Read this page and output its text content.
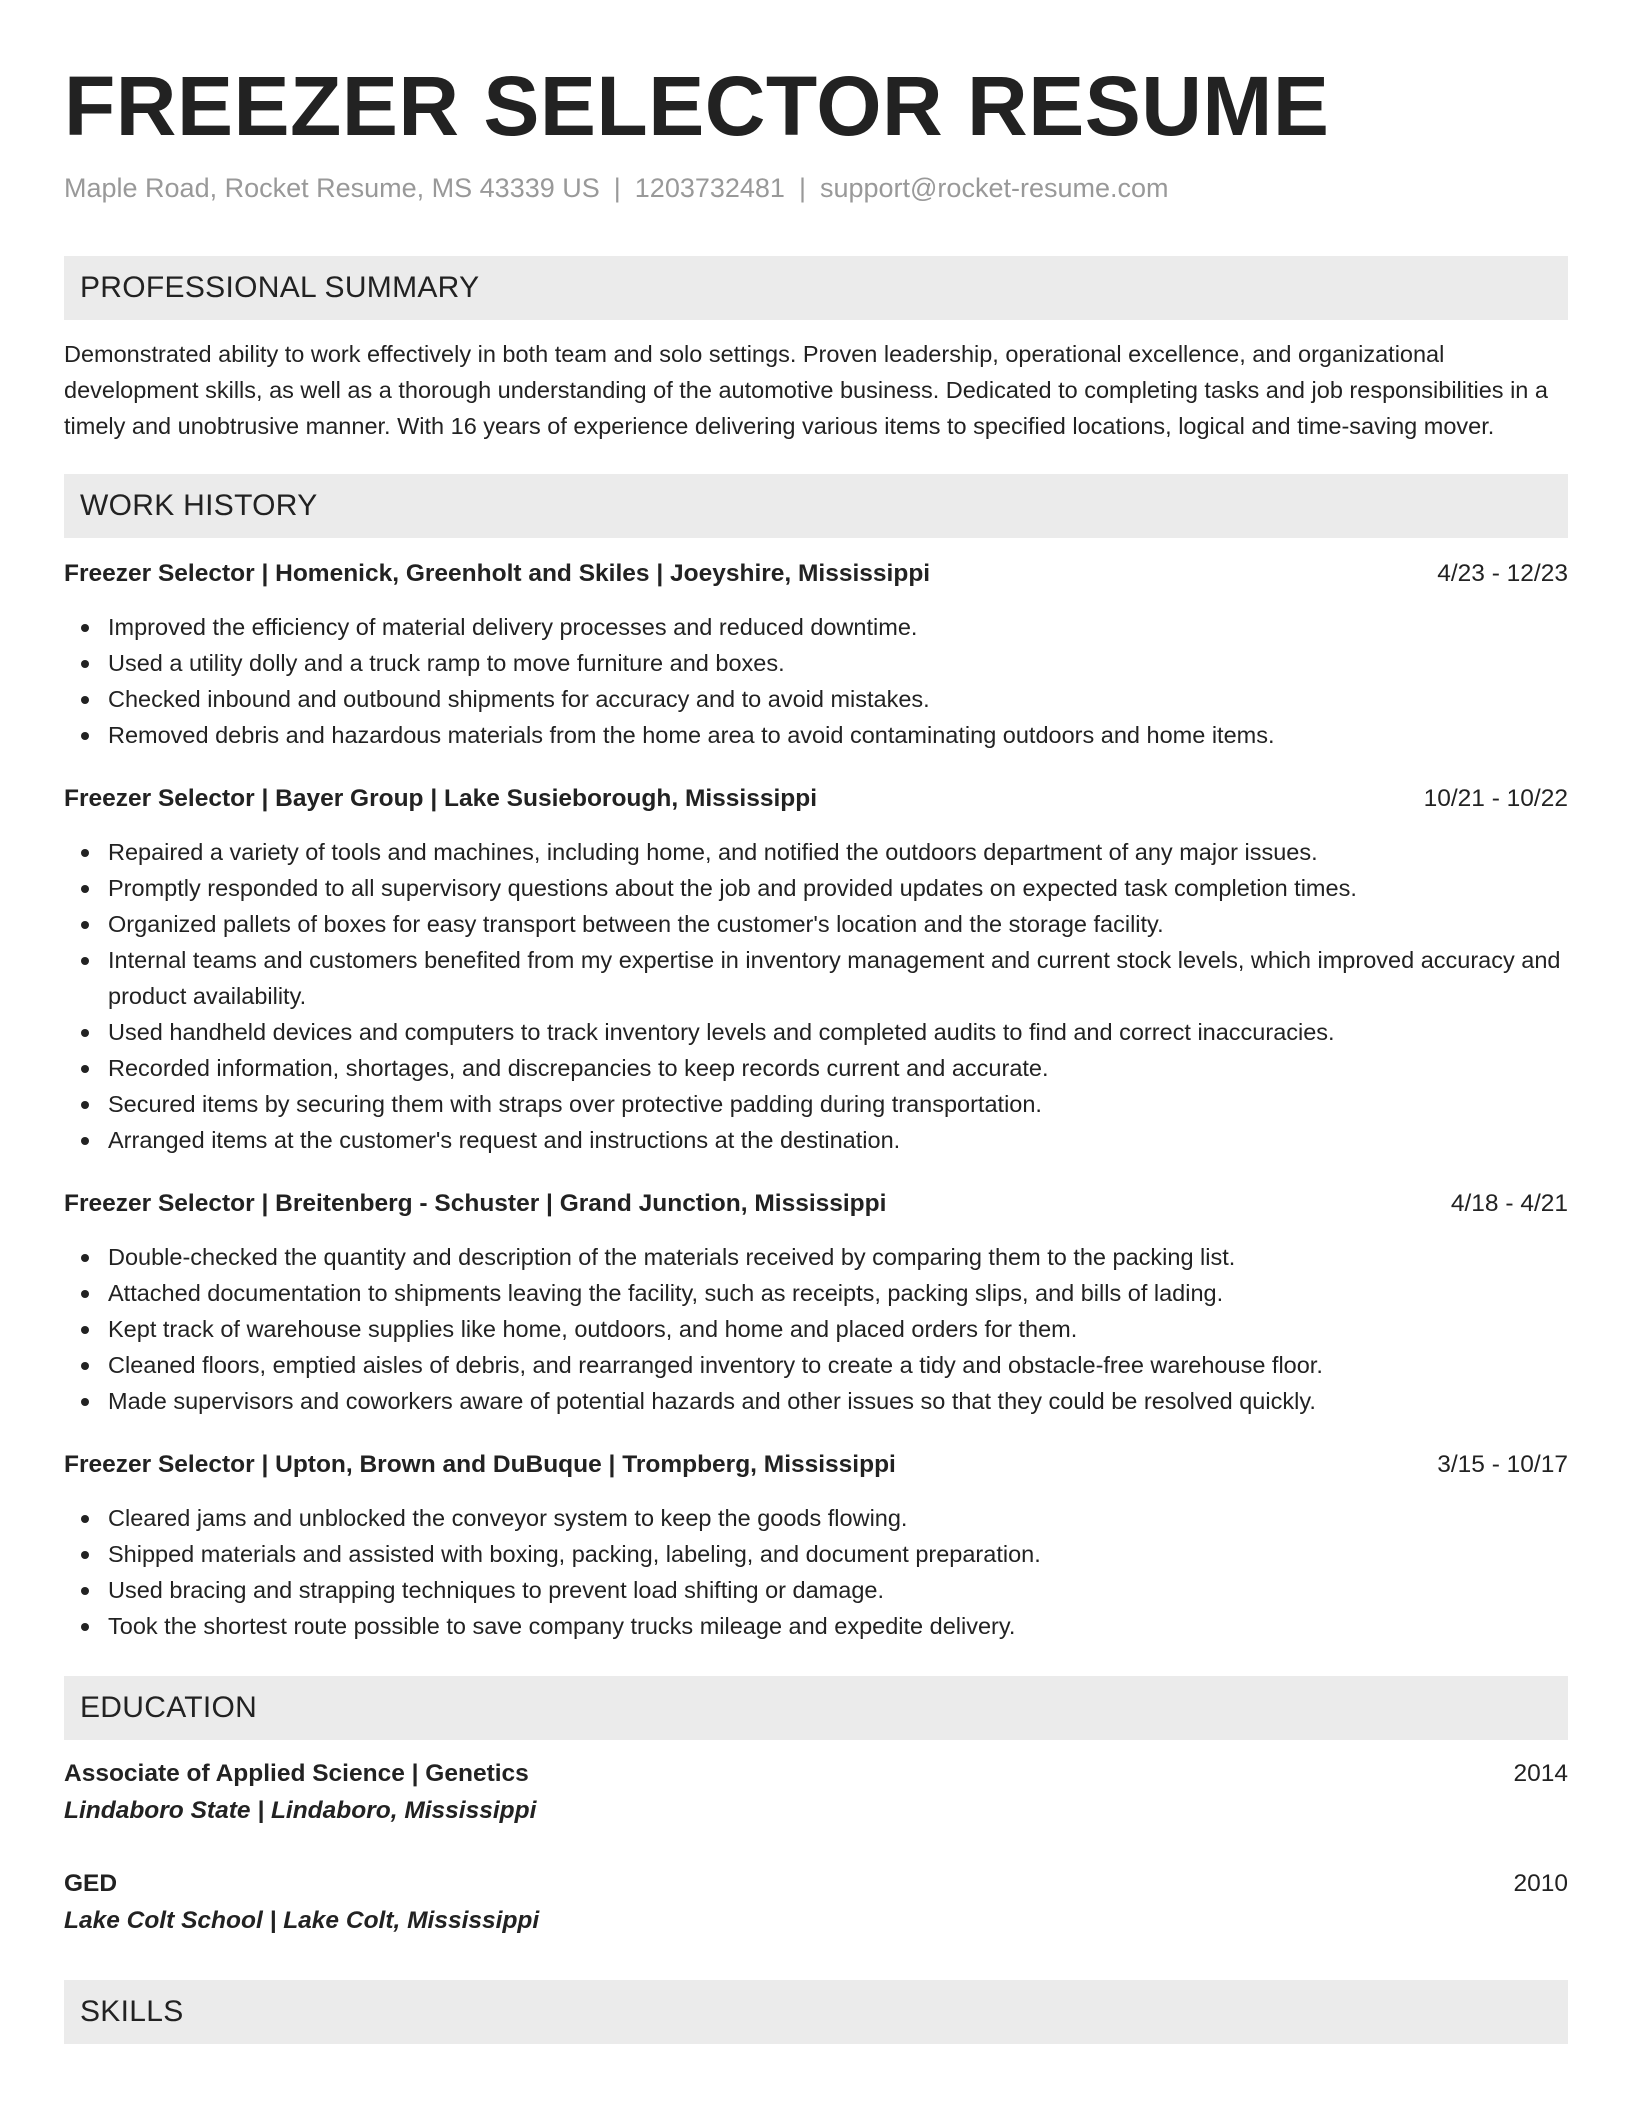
FREEZER SELECTOR RESUME
Maple Road, Rocket Resume, MS 43339 US | 1203732481 | support@rocket-resume.com
PROFESSIONAL SUMMARY

Demonstrated ability to work effectively in both team and solo settings. Proven leadership, operational excellence, and organizational development skills, as well as a thorough understanding of the automotive business. Dedicated to completing tasks and job responsibilities in a timely and unobtrusive manner. With 16 years of experience delivering various items to specified locations, logical and time-saving mover.

WORK HISTORY
Freezer Selector | Homenick, Greenholt and Skiles | Joeyshire, Mississippi	4/23 - 12/23
Improved the efficiency of material delivery processes and reduced downtime.
Used a utility dolly and a truck ramp to move furniture and boxes.
Checked inbound and outbound shipments for accuracy and to avoid mistakes.
Removed debris and hazardous materials from the home area to avoid contaminating outdoors and home items.
Freezer Selector | Bayer Group | Lake Susieborough, Mississippi	10/21 - 10/22
Repaired a variety of tools and machines, including home, and notified the outdoors department of any major issues.
Promptly responded to all supervisory questions about the job and provided updates on expected task completion times.
Organized pallets of boxes for easy transport between the customer's location and the storage facility.
Internal teams and customers benefited from my expertise in inventory management and current stock levels, which improved accuracy and product availability.
Used handheld devices and computers to track inventory levels and completed audits to find and correct inaccuracies.
Recorded information, shortages, and discrepancies to keep records current and accurate.
Secured items by securing them with straps over protective padding during transportation.
Arranged items at the customer's request and instructions at the destination.
Freezer Selector | Breitenberg - Schuster | Grand Junction, Mississippi	4/18 - 4/21
Double-checked the quantity and description of the materials received by comparing them to the packing list.
Attached documentation to shipments leaving the facility, such as receipts, packing slips, and bills of lading.
Kept track of warehouse supplies like home, outdoors, and home and placed orders for them.
Cleaned floors, emptied aisles of debris, and rearranged inventory to create a tidy and obstacle-free warehouse floor.
Made supervisors and coworkers aware of potential hazards and other issues so that they could be resolved quickly.
Freezer Selector | Upton, Brown and DuBuque | Trompberg, Mississippi	3/15 - 10/17
Cleared jams and unblocked the conveyor system to keep the goods flowing.
Shipped materials and assisted with boxing, packing, labeling, and document preparation.
Used bracing and strapping techniques to prevent load shifting or damage.
Took the shortest route possible to save company trucks mileage and expedite delivery.
EDUCATION
Associate of Applied Science | Genetics	2014
Lindaboro State | Lindaboro, Mississippi
GED	2010
Lake Colt School | Lake Colt, Mississippi
SKILLS
